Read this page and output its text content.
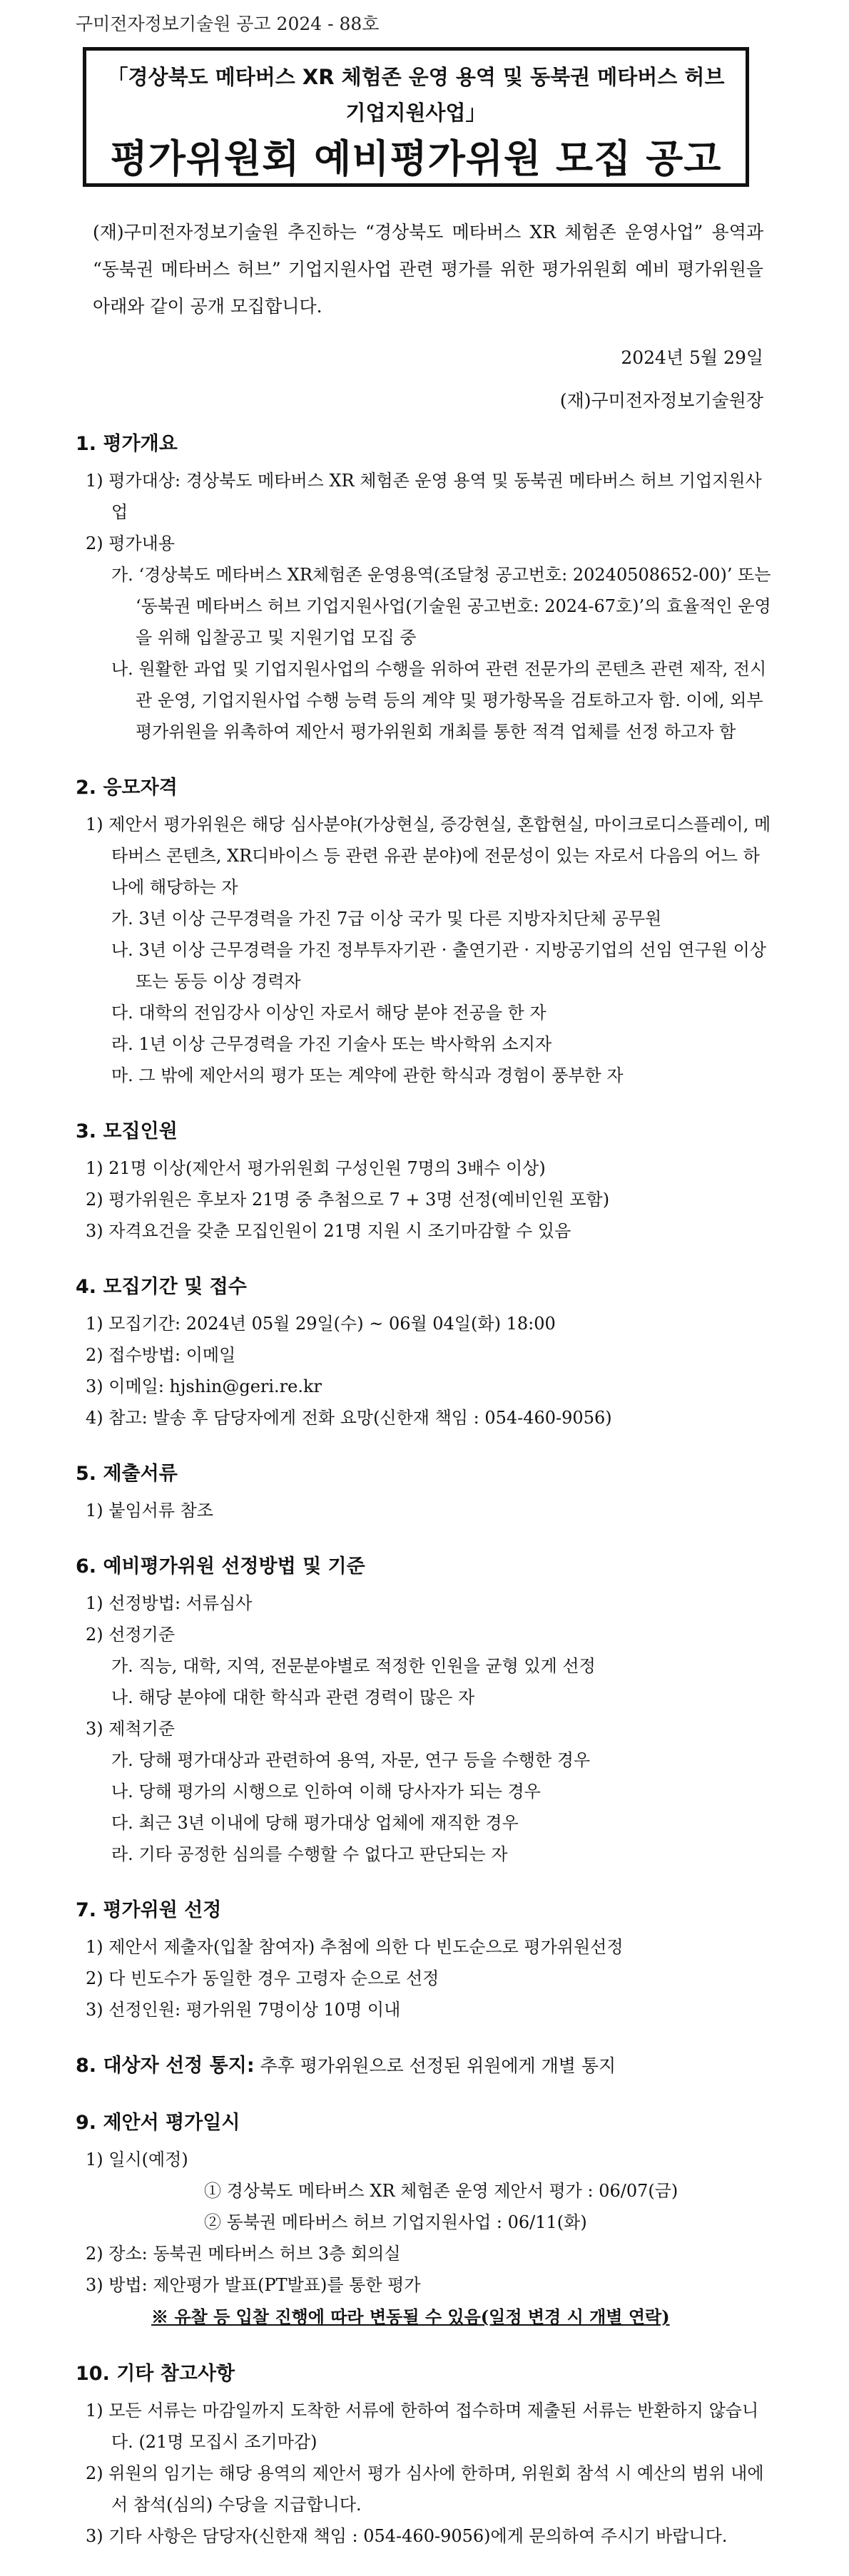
구미전자정보기술원 공고 2024 - 88호
「경상북도 메타버스 XR 체험존 운영 용역 및 동북권 메타버스 허브
기업지원사업」
평가위원회 예비평가위원 모집 공고
(재)구미전자정보기술원 추진하는 “경상북도 메타버스 XR 체험존 운영사업” 용역과 “동북권 메타버스 허브” 기업지원사업 관련 평가를 위한 평가위원회 예비 평가위원을 아래와 같이 공개 모집합니다.
2024년 5월 29일
(재)구미전자정보기술원장
1. 평가개요
1) 평가대상: 경상북도 메타버스 XR 체험존 운영 용역 및 동북권 메타버스 허브 기업지원사업
2) 평가내용
가. ‘경상북도 메타버스 XR체험존 운영용역(조달청 공고번호: 20240508652-00)’ 또는 ‘동북권 메타버스 허브 기업지원사업(기술원 공고번호: 2024-67호)’의 효율적인 운영을 위해 입찰공고 및 지원기업 모집 중
나. 원활한 과업 및 기업지원사업의 수행을 위하여 관련 전문가의 콘텐츠 관련 제작, 전시관 운영, 기업지원사업 수행 능력 등의 계약 및 평가항목을 검토하고자 함. 이에, 외부 평가위원을 위촉하여 제안서 평가위원회 개최를 통한 적격 업체를 선정 하고자 함
2. 응모자격
1) 제안서 평가위원은 해당 심사분야(가상현실, 증강현실, 혼합현실, 마이크로디스플레이, 메타버스 콘텐츠, XR디바이스 등 관련 유관 분야)에 전문성이 있는 자로서 다음의 어느 하나에 해당하는 자
가. 3년 이상 근무경력을 가진 7급 이상 국가 및 다른 지방자치단체 공무원
나. 3년 이상 근무경력을 가진 정부투자기관 · 출연기관 · 지방공기업의 선임 연구원 이상 또는 동등 이상 경력자
다. 대학의 전임강사 이상인 자로서 해당 분야 전공을 한 자
라. 1년 이상 근무경력을 가진 기술사 또는 박사학위 소지자
마. 그 밖에 제안서의 평가 또는 계약에 관한 학식과 경험이 풍부한 자
3. 모집인원
1) 21명 이상(제안서 평가위원회 구성인원 7명의 3배수 이상)
2) 평가위원은 후보자 21명 중 추첨으로 7 + 3명 선정(예비인원 포함)
3) 자격요건을 갖춘 모집인원이 21명 지원 시 조기마감할 수 있음
4. 모집기간 및 접수
1) 모집기간: 2024년 05월 29일(수) ~ 06월 04일(화) 18:00
2) 접수방법: 이메일
3) 이메일: hjshin@geri.re.kr
4) 참고: 발송 후 담당자에게 전화 요망(신한재 책임 : 054-460-9056)
5. 제출서류
1) 붙임서류 참조
6. 예비평가위원 선정방법 및 기준
1) 선정방법: 서류심사
2) 선정기준
가. 직능, 대학, 지역, 전문분야별로 적정한 인원을 균형 있게 선정
나. 해당 분야에 대한 학식과 관련 경력이 많은 자
3) 제척기준
가. 당해 평가대상과 관련하여 용역, 자문, 연구 등을 수행한 경우
나. 당해 평가의 시행으로 인하여 이해 당사자가 되는 경우
다. 최근 3년 이내에 당해 평가대상 업체에 재직한 경우
라. 기타 공정한 심의를 수행할 수 없다고 판단되는 자
7. 평가위원 선정
1) 제안서 제출자(입찰 참여자) 추첨에 의한 다 빈도순으로 평가위원선정
2) 다 빈도수가 동일한 경우 고령자 순으로 선정
3) 선정인원: 평가위원 7명이상 10명 이내
8. 대상자 선정 통지: 추후 평가위원으로 선정된 위원에게 개별 통지
9. 제안서 평가일시
1) 일시(예정)
① 경상북도 메타버스 XR 체험존 운영 제안서 평가 : 06/07(금)
② 동북권 메타버스 허브 기업지원사업 : 06/11(화)
2) 장소: 동북권 메타버스 허브 3층 회의실
3) 방법: 제안평가 발표(PT발표)를 통한 평가
※ 유찰 등 입찰 진행에 따라 변동될 수 있음(일정 변경 시 개별 연락)
10. 기타 참고사항
1) 모든 서류는 마감일까지 도착한 서류에 한하여 접수하며 제출된 서류는 반환하지 않습니다. (21명 모집시 조기마감)
2) 위원의 임기는 해당 용역의 제안서 평가 심사에 한하며, 위원회 참석 시 예산의 범위 내에서 참석(심의) 수당을 지급합니다.
3) 기타 사항은 담당자(신한재 책임 : 054-460-9056)에게 문의하여 주시기 바랍니다.
